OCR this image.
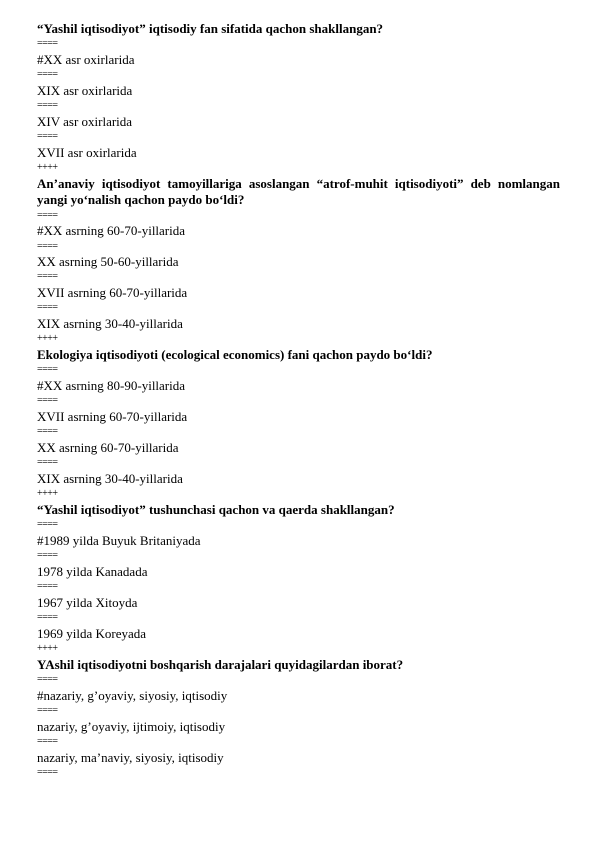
“Yashil iqtisodiyot” iqtisodiy fan sifatida qachon shakllangan?
====
#XX asr oxirlarida
====
XIX asr oxirlarida
====
XIV asr oxirlarida
====
XVII asr oxirlarida
++++
An’anaviy iqtisodiyot tamoyillariga asoslangan “atrof-muhit iqtisodiyoti” deb nomlangan yangi yo‘nalish qachon paydo bo‘ldi?
====
#XX asrning 60-70-yillarida
====
XX asrning 50-60-yillarida
====
XVII asrning 60-70-yillarida
====
XIX asrning 30-40-yillarida
++++
Ekologiya iqtisodiyoti (ecological economics) fani qachon paydo bo‘ldi?
====
#XX asrning 80-90-yillarida
====
XVII asrning 60-70-yillarida
====
XX asrning 60-70-yillarida
====
XIX asrning 30-40-yillarida
++++
“Yashil iqtisodiyot” tushunchasi qachon va qaerda shakllangan?
====
#1989 yilda Buyuk Britaniyada
====
1978 yilda Kanadada
====
1967 yilda Xitoyda
====
1969 yilda Koreyada
++++
YAshil iqtisodiyotni boshqarish darajalari quyidagilardan iborat?
====
#nazariy, g’oyaviy, siyosiy, iqtisodiy
====
nazariy, g’oyaviy, ijtimoiy, iqtisodiy
====
nazariy, ma’naviy, siyosiy, iqtisodiy
====
